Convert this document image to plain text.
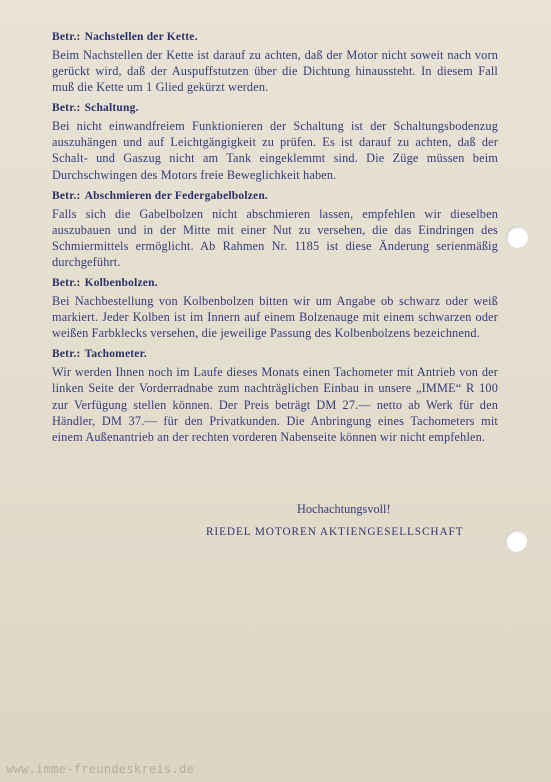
Betr.: Nachstellen der Kette.

Beim Nachstellen der Kette ist darauf zu achten, daß der Motor nicht soweit nach vorn gerückt wird, daß der Auspuffstutzen über die Dichtung hinaussteht. In diesem Fall muß die Kette um 1 Glied gekürzt werden.

Betr.: Schaltung.

Bei nicht einwandfreiem Funktionieren der Schaltung ist der Schaltungsbodenzug auszuhängen und auf Leichtgängigkeit zu prüfen. Es ist darauf zu achten, daß der Schalt- und Gaszug nicht am Tank eingeklemmt sind. Die Züge müssen beim Durchschwingen des Motors freie Beweglichkeit haben.

Betr.: Abschmieren der Federgabelbolzen.

Falls sich die Gabelbolzen nicht abschmieren lassen, empfehlen wir dieselben auszubauen und in der Mitte mit einer Nut zu versehen, die das Eindringen des Schmiermittels ermöglicht. Ab Rahmen Nr. 1185 ist diese Änderung serienmäßig durchgeführt.

Betr.: Kolbenbolzen.

Bei Nachbestellung von Kolbenbolzen bitten wir um Angabe ob schwarz oder weiß markiert. Jeder Kolben ist im Innern auf einem Bolzenauge mit einem schwarzen oder weißen Farbklecks versehen, die jeweilige Passung des Kolbenbolzens bezeichnend.

Betr.: Tachometer.

Wir werden Ihnen noch im Laufe dieses Monats einen Tachometer mit Antrieb von der linken Seite der Vorderradnabe zum nachträglichen Einbau in unsere „IMME“ R 100 zur Verfügung stellen können. Der Preis beträgt DM 27.— netto ab Werk für den Händler, DM 37.— für den Privatkunden. Die Anbringung eines Tachometers mit einem Außenantrieb an der rechten vorderen Nabenseite können wir nicht empfehlen.

Hochachtungsvoll!
RIEDEL MOTOREN AKTIENGESELLSCHAFT
www.imme-freundeskreis.de
